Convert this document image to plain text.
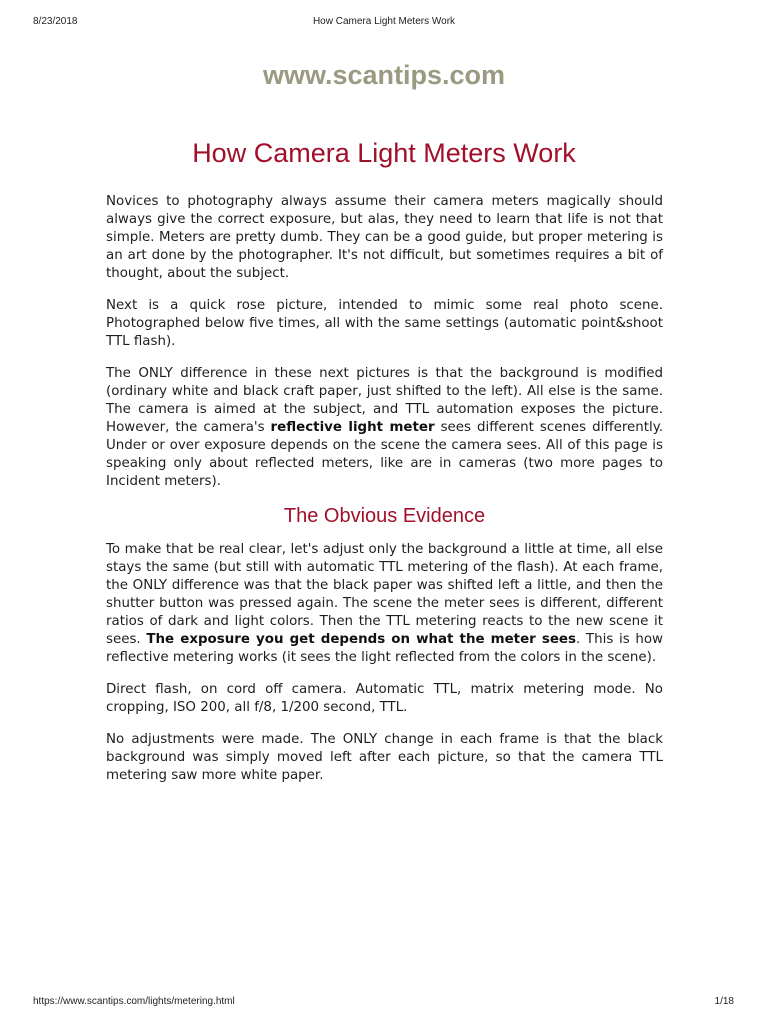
8/23/2018	How Camera Light Meters Work
www.scantips.com
How Camera Light Meters Work

Novices to photography always assume their camera meters magically should always give the correct exposure, but alas, they need to learn that life is not that simple. Meters are pretty dumb. They can be a good guide, but proper metering is an art done by the photographer. It's not difficult, but sometimes requires a bit of thought, about the subject.

Next is a quick rose picture, intended to mimic some real photo scene. Photographed below five times, all with the same settings (automatic point&shoot TTL flash).

The ONLY difference in these next pictures is that the background is modified (ordinary white and black craft paper, just shifted to the left). All else is the same. The camera is aimed at the subject, and TTL automation exposes the picture. However, the camera's reflective light meter sees different scenes differently. Under or over exposure depends on the scene the camera sees. All of this page is speaking only about reflected meters, like are in cameras (two more pages to Incident meters).

The Obvious Evidence

To make that be real clear, let's adjust only the background a little at time, all else stays the same (but still with automatic TTL metering of the flash). At each frame, the ONLY difference was that the black paper was shifted left a little, and then the shutter button was pressed again. The scene the meter sees is different, different ratios of dark and light colors. Then the TTL metering reacts to the new scene it sees. The exposure you get depends on what the meter sees. This is how reflective metering works (it sees the light reflected from the colors in the scene).

Direct flash, on cord off camera. Automatic TTL, matrix metering mode. No cropping, ISO 200, all f/8, 1/200 second, TTL.

No adjustments were made. The ONLY change in each frame is that the black background was simply moved left after each picture, so that the camera TTL metering saw more white paper.

https://www.scantips.com/lights/metering.html	1/18
